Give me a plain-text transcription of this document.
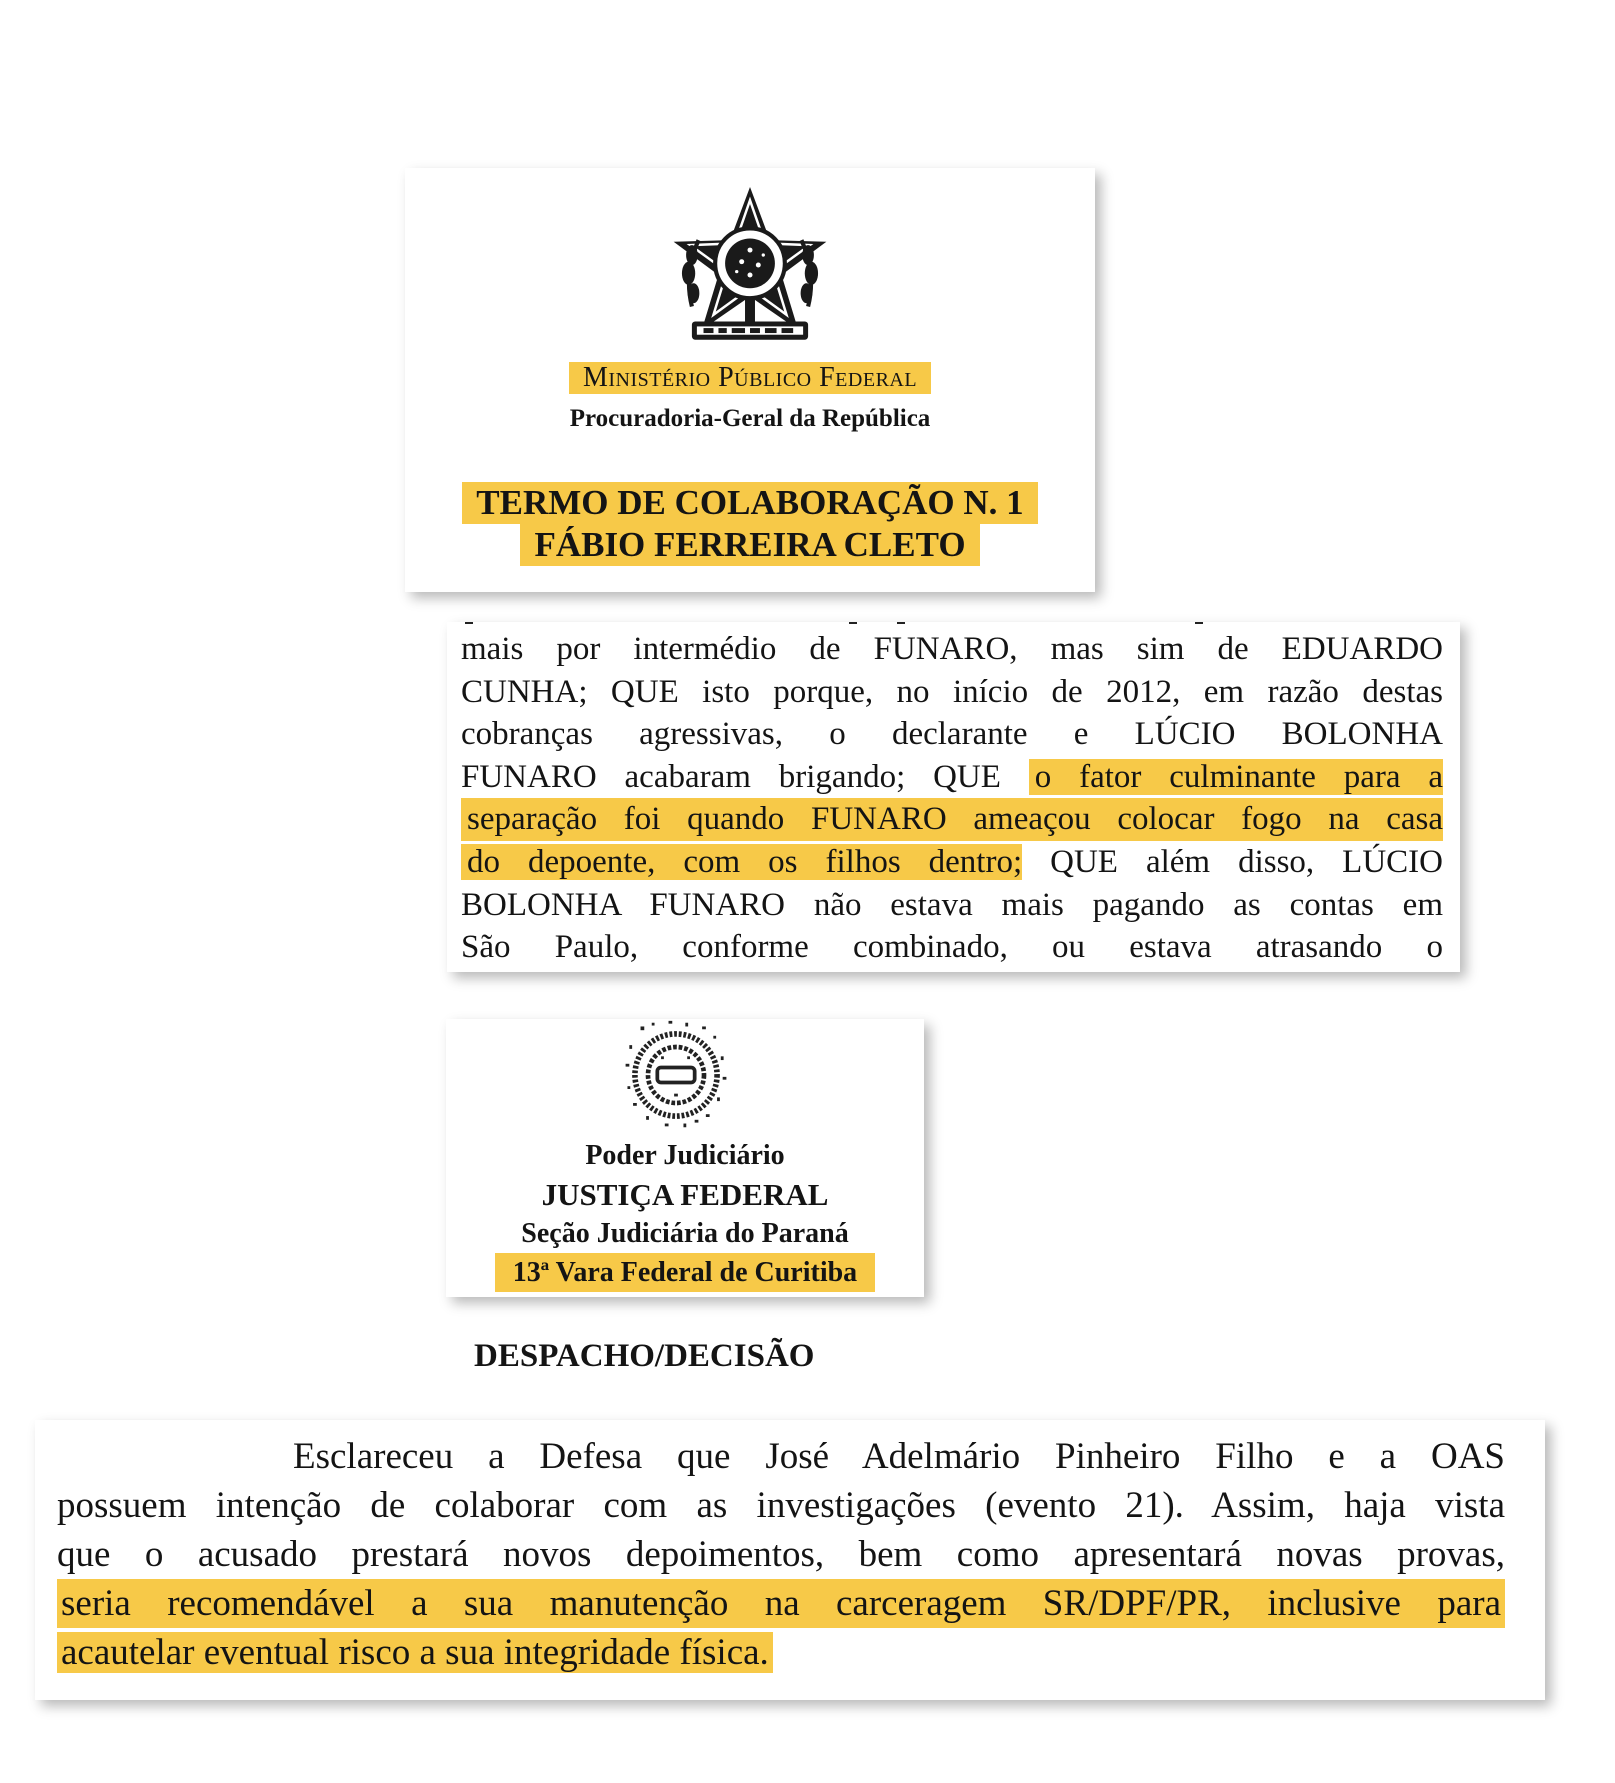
Ministério Público Federal
Procuradoria-Geral da República
TERMO DE COLABORAÇÃO N. 1
FÁBIO FERREIRA CLETO
mais por intermédio de FUNARO, mas sim de EDUARDO
CUNHA; QUE isto porque, no início de 2012, em razão destas
cobranças agressivas, o declarante e LÚCIO BOLONHA
FUNARO acabaram brigando; QUE o fator culminante para a
separação foi quando FUNARO ameaçou colocar fogo na casa
do depoente, com os filhos dentro; QUE além disso, LÚCIO
BOLONHA FUNARO não estava mais pagando as contas em
São Paulo, conforme combinado, ou estava atrasando o
Poder Judiciário
JUSTIÇA FEDERAL
Seção Judiciária do Paraná
13ª Vara Federal de Curitiba
DESPACHO/DECISÃO
Esclareceu a Defesa que José Adelmário Pinheiro Filho e a OAS
possuem intenção de colaborar com as investigações (evento 21). Assim, haja vista
que o acusado prestará novos depoimentos, bem como apresentará novas provas,
seria recomendável a sua manutenção na carceragem SR/DPF/PR, inclusive para
acautelar eventual risco a sua integridade física.
